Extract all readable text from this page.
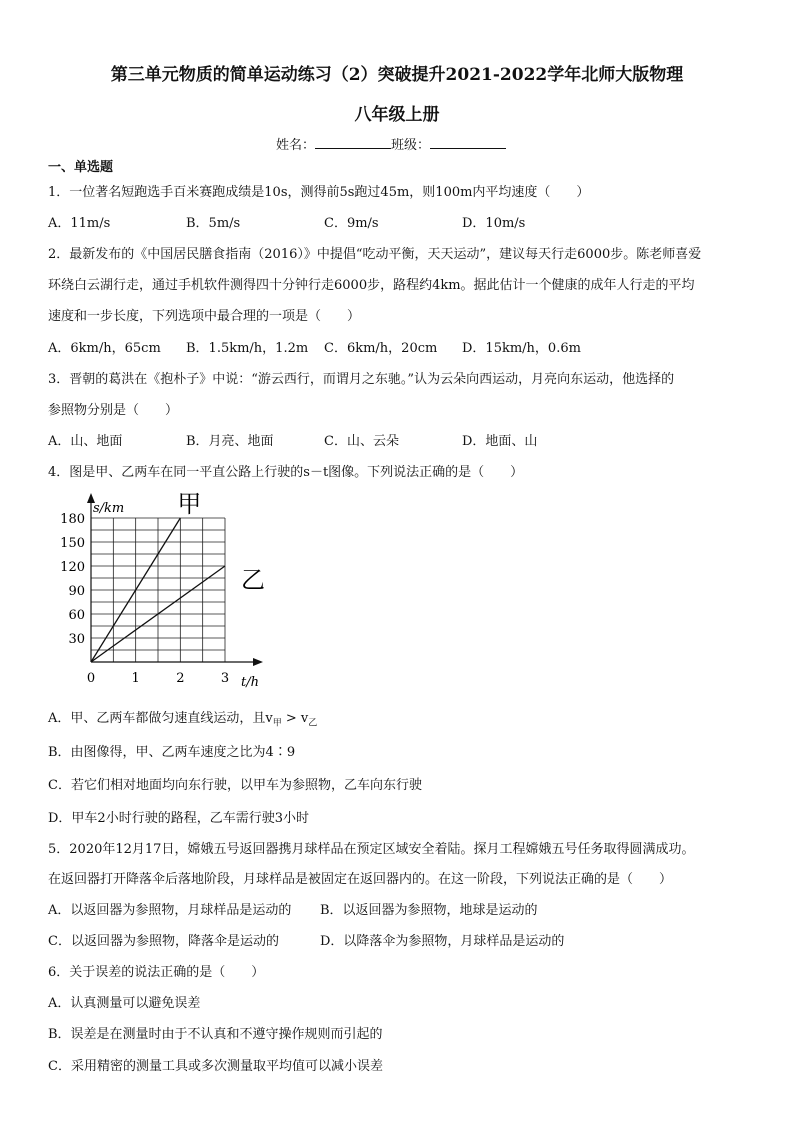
第三单元物质的简单运动练习（2）突破提升2021-2022学年北师大版物理
八年级上册
姓名：	班级：
一、单选题
1．一位著名短跑选手百米赛跑成绩是10s，测得前5s跑过45m，则100m内平均速度（　　）
A．11m/s	B．5m/s	C．9m/s	D．10m/s
2．最新发布的《中国居民膳食指南（2016）》中提倡“吃动平衡，天天运动”，建议每天行走6000步。陈老师喜爱
环绕白云湖行走，通过手机软件测得四十分钟行走6000步，路程约4km。据此估计一个健康的成年人行走的平均
速度和一步长度，下列选项中最合理的一项是（　　）
A．6km/h，65cm B．1.5km/h，1.2m C．6km/h，20cm D．15km/h，0.6m
3．晋朝的葛洪在《抱朴子》中说：“游云西行，而谓月之东驰。”认为云朵向西运动，月亮向东运动，他选择的
参照物分别是（　　）
A．山、地面	B．月亮、地面	C．山、云朵	D．地面、山
4．图是甲、乙两车在同一平直公路上行驶的s－t图像。下列说法正确的是（　　）
0	1	2	3
30
60
90
120
150
180
s/km
t/h
甲
乙
A．甲、乙两车都做匀速直线运动，且$v_甲 > v_乙$
B．由图像得，甲、乙两车速度之比为4∶9
C．若它们相对地面均向东行驶，以甲车为参照物，乙车向东行驶
D．甲车2小时行驶的路程，乙车需行驶3小时
5．2020年12月17日，嫦娥五号返回器携月球样品在预定区域安全着陆。探月工程嫦娥五号任务取得圆满成功。
在返回器打开降落伞后落地阶段，月球样品是被固定在返回器内的。在这一阶段，下列说法正确的是（　　）
A．以返回器为参照物，月球样品是运动的 B．以返回器为参照物，地球是运动的
C．以返回器为参照物，降落伞是运动的	D．以降落伞为参照物，月球样品是运动的
6．关于误差的说法正确的是（　　）
A．认真测量可以避免误差
B．误差是在测量时由于不认真和不遵守操作规则而引起的
C．采用精密的测量工具或多次测量取平均值可以减小误差
